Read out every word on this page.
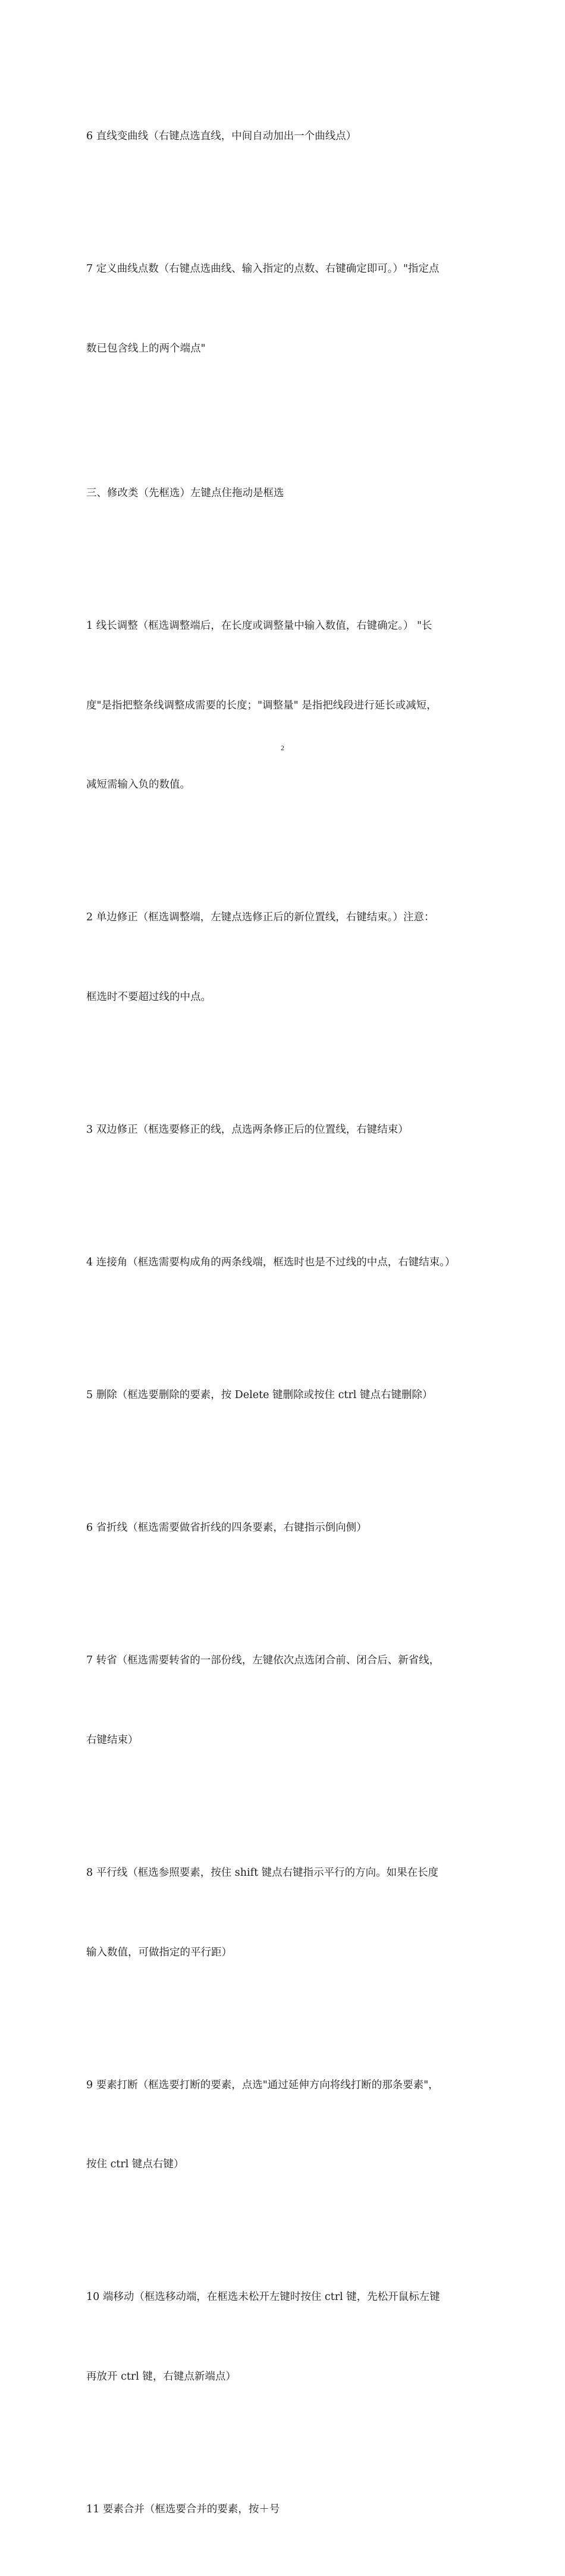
6 直线变曲线（右键点选直线，中间自动加出一个曲线点）

7 定义曲线点数（右键点选曲线、输入指定的点数、右键确定即可。）"指定点

数已包含线上的两个端点"

三、修改类（先框选）左键点住拖动是框选

1 线长调整（框选调整端后，在长度或调整量中输入数值，右键确定。） "长

度"是指把整条线调整成需要的长度；"调整量" 是指把线段进行延长或减短，

减短需输入负的数值。

2 单边修正（框选调整端，左键点选修正后的新位置线，右键结束。）注意：

框选时不要超过线的中点。

3 双边修正（框选要修正的线，点选两条修正后的位置线，右键结束）

4 连接角（框选需要构成角的两条线端，框选时也是不过线的中点，右键结束。）

5 删除（框选要删除的要素，按 Delete 键删除或按住 ctrl 键点右键删除）

6 省折线（框选需要做省折线的四条要素，右键指示倒向侧）

7 转省（框选需要转省的一部份线，左键依次点选闭合前、闭合后、新省线，

右键结束）

8 平行线（框选参照要素，按住 shift 键点右键指示平行的方向。如果在长度

输入数值，可做指定的平行距）

9 要素打断（框选要打断的要素，点选"通过延伸方向将线打断的那条要素"，

按住 ctrl 键点右键）

10 端移动（框选移动端，在框选未松开左键时按住 ctrl 键，先松开鼠标左键

再放开 ctrl 键，右键点新端点）

11 要素合并（框选要合并的要素，按＋号

2
